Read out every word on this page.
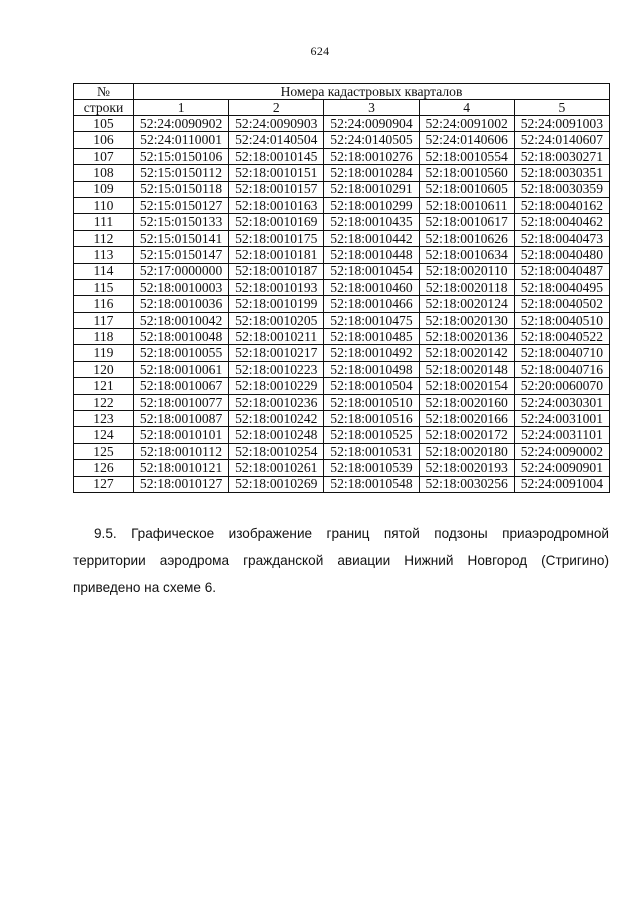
624
№	Номера кадастровых кварталов				
строки	1	2	3	4	5
105	52:24:0090902	52:24:0090903	52:24:0090904	52:24:0091002	52:24:0091003
106	52:24:0110001	52:24:0140504	52:24:0140505	52:24:0140606	52:24:0140607
107	52:15:0150106	52:18:0010145	52:18:0010276	52:18:0010554	52:18:0030271
108	52:15:0150112	52:18:0010151	52:18:0010284	52:18:0010560	52:18:0030351
109	52:15:0150118	52:18:0010157	52:18:0010291	52:18:0010605	52:18:0030359
110	52:15:0150127	52:18:0010163	52:18:0010299	52:18:0010611	52:18:0040162
111	52:15:0150133	52:18:0010169	52:18:0010435	52:18:0010617	52:18:0040462
112	52:15:0150141	52:18:0010175	52:18:0010442	52:18:0010626	52:18:0040473
113	52:15:0150147	52:18:0010181	52:18:0010448	52:18:0010634	52:18:0040480
114	52:17:0000000	52:18:0010187	52:18:0010454	52:18:0020110	52:18:0040487
115	52:18:0010003	52:18:0010193	52:18:0010460	52:18:0020118	52:18:0040495
116	52:18:0010036	52:18:0010199	52:18:0010466	52:18:0020124	52:18:0040502
117	52:18:0010042	52:18:0010205	52:18:0010475	52:18:0020130	52:18:0040510
118	52:18:0010048	52:18:0010211	52:18:0010485	52:18:0020136	52:18:0040522
119	52:18:0010055	52:18:0010217	52:18:0010492	52:18:0020142	52:18:0040710
120	52:18:0010061	52:18:0010223	52:18:0010498	52:18:0020148	52:18:0040716
121	52:18:0010067	52:18:0010229	52:18:0010504	52:18:0020154	52:20:0060070
122	52:18:0010077	52:18:0010236	52:18:0010510	52:18:0020160	52:24:0030301
123	52:18:0010087	52:18:0010242	52:18:0010516	52:18:0020166	52:24:0031001
124	52:18:0010101	52:18:0010248	52:18:0010525	52:18:0020172	52:24:0031101
125	52:18:0010112	52:18:0010254	52:18:0010531	52:18:0020180	52:24:0090002
126	52:18:0010121	52:18:0010261	52:18:0010539	52:18:0020193	52:24:0090901
127	52:18:0010127	52:18:0010269	52:18:0010548	52:18:0030256	52:24:0091004
9.5. Графическое изображение границ пятой подзоны приаэродромной
территории аэродрома гражданской авиации Нижний Новгород (Стригино)
приведено на схеме 6.
